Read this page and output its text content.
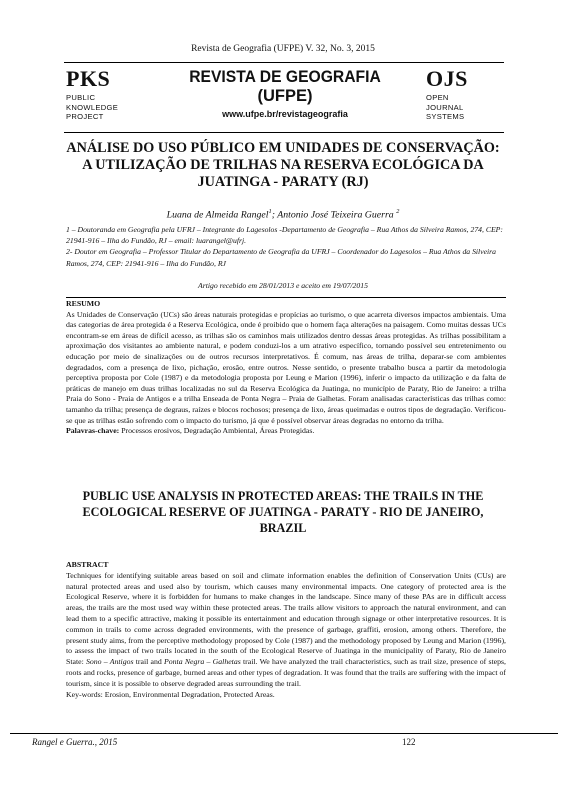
Revista de Geografia (UFPE) V. 32, No. 3, 2015
PKS
PUBLIC
KNOWLEDGE
PROJECT
REVISTA DE GEOGRAFIA
(UFPE)
www.ufpe.br/revistageografia
OJS
OPEN
JOURNAL
SYSTEMS
ANÁLISE DO USO PÚBLICO EM UNIDADES DE CONSERVAÇÃO: A UTILIZAÇÃO DE TRILHAS NA RESERVA ECOLÓGICA DA JUATINGA - PARATY (RJ)
Luana de Almeida Rangel$^1$; Antonio José Teixeira Guerra $^2$
1 – Doutoranda em Geografia pela UFRJ – Integrante do Lagesolos -Departamento de Geografia – Rua Athos da Silveira Ramos, 274, CEP: 21941-916 – Ilha do Fundão, RJ – email: luarangel@ufrj.
2- Doutor em Geografia – Professor Titular do Departamento de Geografia da UFRJ – Coordenador do Lagesolos – Rua Athos da Silveira Ramos, 274, CEP: 21941-916 – Ilha do Fundão, RJ
Artigo recebido em 28/01/2013 e aceito em 19/07/2015
RESUMO
As Unidades de Conservação (UCs) são áreas naturais protegidas e propícias ao turismo, o que acarreta diversos impactos ambientais. Uma das categorias de área protegida é a Reserva Ecológica, onde é proibido que o homem faça alterações na paisagem. Como muitas dessas UCs encontram-se em áreas de difícil acesso, as trilhas são os caminhos mais utilizados dentro dessas áreas protegidas. As trilhas possibilitam a aproximação dos visitantes ao ambiente natural, e podem conduzi-los a um atrativo específico, tornando possível seu entretenimento ou educação por meio de sinalizações ou de outros recursos interpretativos. É comum, nas áreas de trilha, deparar-se com ambientes degradados, com a presença de lixo, pichação, erosão, entre outros. Nesse sentido, o presente trabalho busca a partir da metodologia perceptiva proposta por Cole (1987) e da metodologia proposta por Leung e Marion (1996), inferir o impacto da utilização e da falta de práticas de manejo em duas trilhas localizadas no sul da Reserva Ecológica da Juatinga, no município de Paraty, Rio de Janeiro: a trilha Praia do Sono - Praia de Antigos e a trilha Enseada de Ponta Negra – Praia de Galhetas. Foram analisadas características das trilhas como: tamanho da trilha; presença de degraus, raízes e blocos rochosos; presença de lixo, áreas queimadas e outros tipos de degradação. Verificou-se que as trilhas estão sofrendo com o impacto do turismo, já que é possível observar áreas degradas no entorno da trilha.
Palavras-chave: Processos erosivos, Degradação Ambiental, Áreas Protegidas.
PUBLIC USE ANALYSIS IN PROTECTED AREAS: THE TRAILS IN THE ECOLOGICAL RESERVE OF JUATINGA - PARATY - RIO DE JANEIRO, BRAZIL
ABSTRACT
Techniques for identifying suitable areas based on soil and climate information enables the definition of Conservation Units (CUs) are natural protected areas and used also by tourism, which causes many environmental impacts. One category of protected area is the Ecological Reserve, where it is forbidden for humans to make changes in the landscape. Since many of these PAs are in difficult access areas, the trails are the most used way within these protected areas. The trails allow visitors to approach the natural environment, and can lead them to a specific attractive, making it possible its entertainment and education through signage or other interpretative resources. It is common in trails to come across degraded environments, with the presence of garbage, graffiti, erosion, among others. Therefore, the present study aims, from the perceptive methodology proposed by Cole (1987) and the methodology proposed by Leung and Marion (1996), to assess the impact of two trails located in the south of the Ecological Reserve of Juatinga in the municipality of Paraty, Rio de Janeiro State: Sono – Antigos trail and Ponta Negra – Galhetas trail. We have analyzed the trail characteristics, such as trail size, presence of steps, roots and rocks, presence of garbage, burned areas and other types of degradation. It was found that the trails are suffering with the impact of tourism, since it is possible to observe degraded areas surrounding the trail.
Key-words: Erosion, Environmental Degradation, Protected Areas.
Rangel e Guerra., 2015	122
